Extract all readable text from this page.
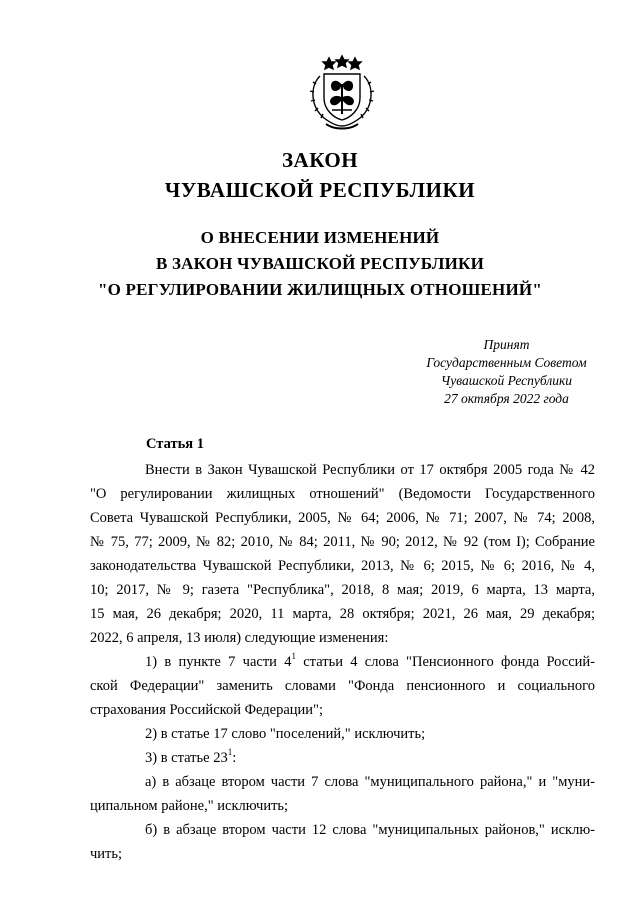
ЗАКОН
ЧУВАШСКОЙ РЕСПУБЛИКИ
О ВНЕСЕНИИ ИЗМЕНЕНИЙ
В ЗАКОН ЧУВАШСКОЙ РЕСПУБЛИКИ
"О РЕГУЛИРОВАНИИ ЖИЛИЩНЫХ ОТНОШЕНИЙ"
Принят
Государственным Советом
Чувашской Республики
27 октября 2022 года
Статья 1
Внести в Закон Чувашской Республики от 17 октября 2005 года № 42
"О регулировании жилищных отношений" (Ведомости Государственного
Совета Чувашской Республики, 2005, № 64; 2006, № 71; 2007, № 74; 2008,
№ 75, 77; 2009, № 82; 2010, № 84; 2011, № 90; 2012, № 92 (том I); Собрание
законодательства Чувашской Республики, 2013, № 6; 2015, № 6; 2016, № 4,
10; 2017, № 9; газета "Республика", 2018, 8 мая; 2019, 6 марта, 13 марта,
15 мая, 26 декабря; 2020, 11 марта, 28 октября; 2021, 26 мая, 29 декабря;
2022, 6 апреля, 13 июля) следующие изменения:
1) в пункте 7 части $4^1$ статьи 4 слова "Пенсионного фонда Россий-
ской Федерации" заменить словами "Фонда пенсионного и социального
страхования Российской Федерации";
2) в статье 17 слово "поселений," исключить;
3) в статье $23^1$:
а) в абзаце втором части 7 слова "муниципального района," и "муни-
ципальном районе," исключить;
б) в абзаце втором части 12 слова "муниципальных районов," исклю-
чить;
